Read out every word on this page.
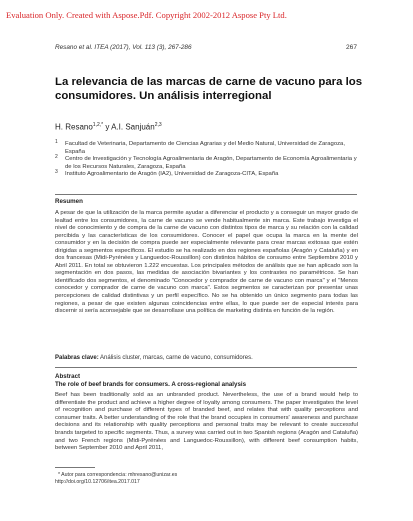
Evaluation Only. Created with Aspose.Pdf. Copyright 2002-2012 Aspose Pty Ltd.
Resano et al. ITEA (2017), Vol. 113 (3), 267-286	267
La relevancia de las marcas de carne de vacuno para los consumidores. Un análisis interregional
H. Resano$^{1,2,*}$ y A.I. Sanjuán$^{2,3}$
1 Facultad de Veterinaria, Departamento de Ciencias Agrarias y del Medio Natural, Universidad de Zaragoza, España
2 Centro de Investigación y Tecnología Agroalimentaria de Aragón, Departamento de Economía Agroalimentaria y de los Recursos Naturales, Zaragoza, España
3 Instituto Agroalimentario de Aragón (IA2), Universidad de Zaragoza-CITA, España
Resumen

A pesar de que la utilización de la marca permite ayudar a diferenciar el producto y a conseguir un mayor grado de lealtad entre los consumidores, la carne de vacuno se vende habitualmente sin marca. Este trabajo investiga el nivel de conocimiento y de compra de la carne de vacuno con distintos tipos de marca y su relación con la calidad percibida y las características de los consumidores. Conocer el papel que ocupa la marca en la mente del consumidor y en la decisión de compra puede ser especialmente relevante para crear marcas exitosas que estén dirigidas a segmentos específicos. El estudio se ha realizado en dos regiones españolas (Aragón y Cataluña) y en dos francesas (Midi-Pyrénées y Languedoc-Roussillon) con distintos hábitos de consumo entre Septiembre 2010 y Abril 2011. En total se obtuvieron 1.222 encuestas. Los principales métodos de análisis que se han aplicado son la segmentación en dos pasos, las medidas de asociación bivariantes y los contrastes no paramétricos. Se han identificado dos segmentos, el denominado "Conocedor y comprador de carne de vacuno con marca" y el "Menos conocedor y comprador de carne de vacuno con marca". Estos segmentos se caracterizan por presentar unas percepciones de calidad distintivas y un perfil específico. No se ha obtenido un único segmento para todas las regiones, a pesar de que existen algunas coincidencias entre ellas, lo que puede ser de especial interés para discernir si sería aconsejable que se desarrollase una política de marketing distinta en función de la región.

Palabras clave: Análisis cluster, marcas, carne de vacuno, consumidores.
Abstract
The role of beef brands for consumers. A cross-regional analysis

Beef has been traditionally sold as an unbranded product. Nevertheless, the use of a brand would help to differentiate the product and achieve a higher degree of loyalty among consumers. The paper investigates the level of recognition and purchase of different types of branded beef, and relates that with quality perceptions and consumer traits. A better understanding of the role that the brand occupies in consumers' awareness and purchase decisions and its relationship with quality perceptions and personal traits may be relevant to create successful brands targeted to specific segments. Thus, a survey was carried out in two Spanish regions (Aragón and Cataluña) and two French regions (Midi-Pyrénées and Languedoc-Roussillon), with different beef consumption habits, between September 2010 and April 2011,

* Autor para correspondencia: mhresano@unizar.es
http://doi.org/10.12706/itea.2017.017
